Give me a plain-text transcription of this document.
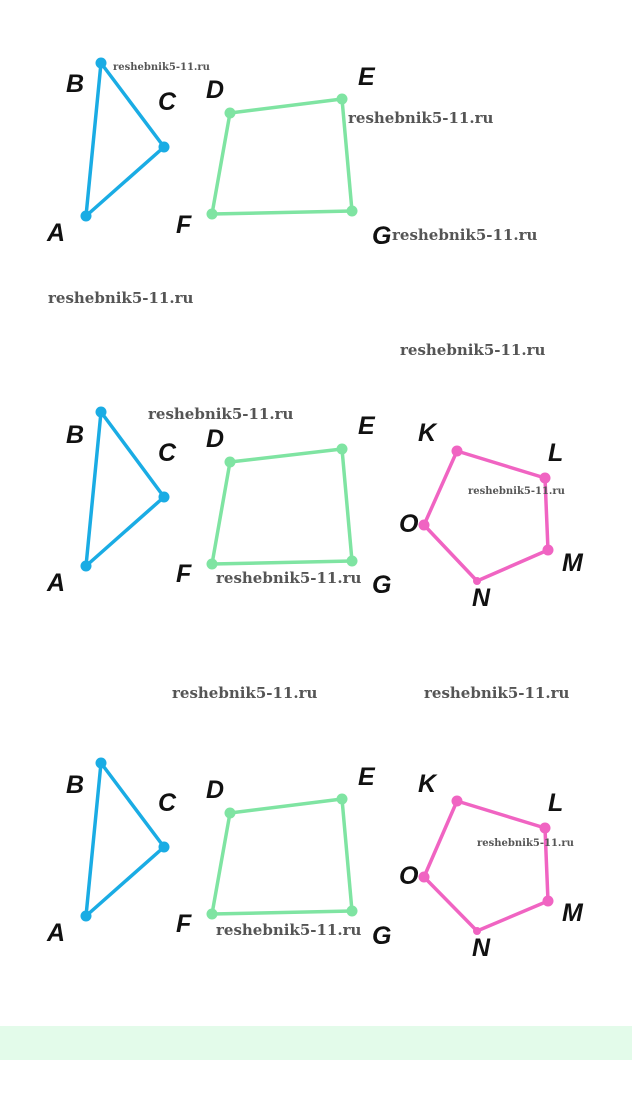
A
B
C D	E
F	G
A
B
C D	E
F	G
K
L
M
N
O
A
B
C D	E
F	G
K
L
M
N
O
reshebnik5-11.ru
reshebnik5-11.ru
reshebnik5-11.ru
reshebnik5-11.ru
reshebnik5-11.ru
reshebnik5-11.ru
reshebnik5-11.ru
reshebnik5-11.ru
reshebnik5-11.ru	reshebnik5-11.ru
reshebnik5-11.ru
reshebnik5-11.ru
